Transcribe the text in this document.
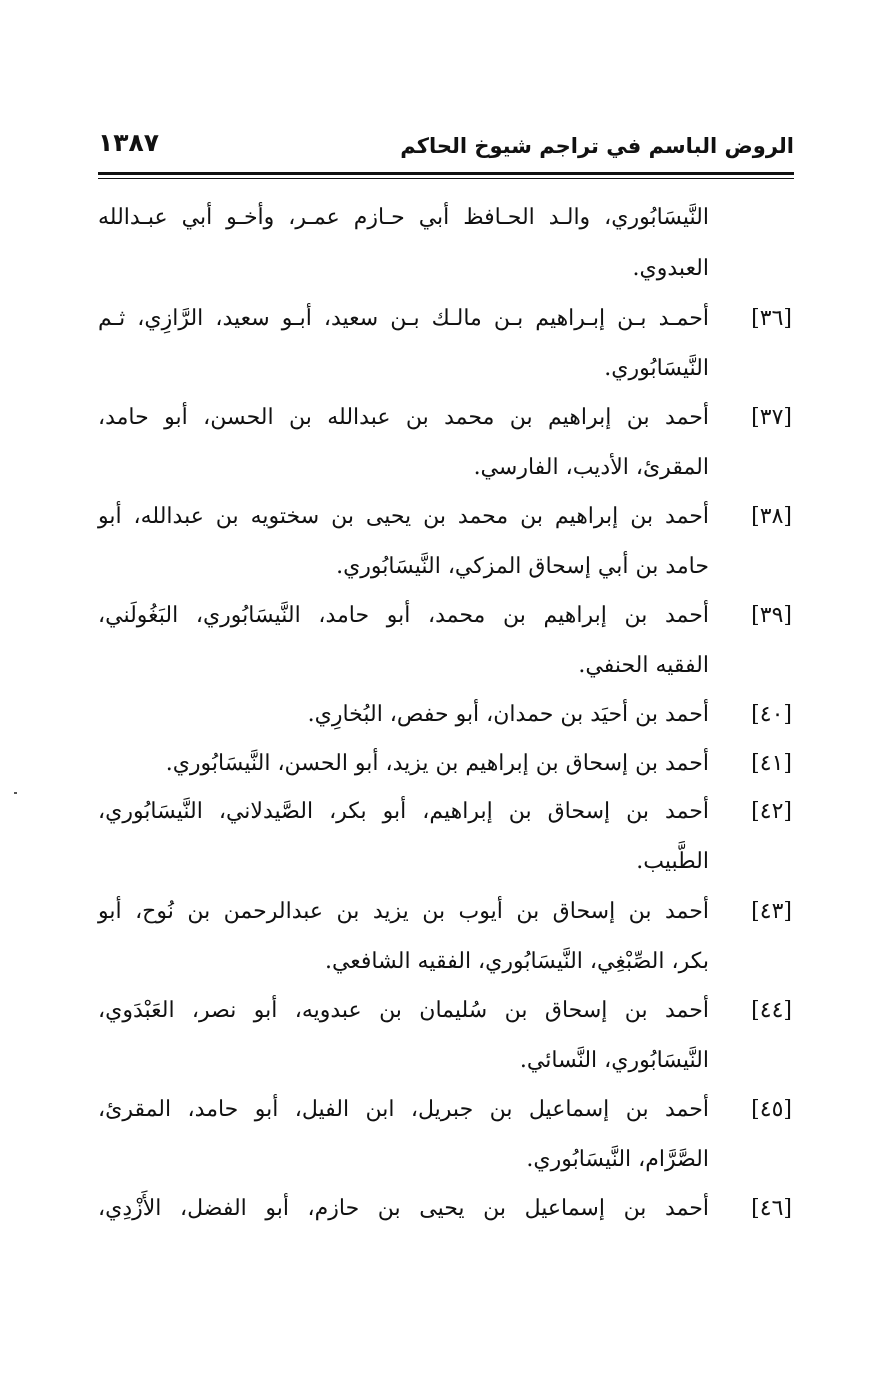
الروض الباسم في تراجم شيوخ الحاكم
١٣٨٧
النَّيسَابُوري، والـد الحـافظ أبي حـازم عمـر، وأخـو أبي عبـدالله
العبدوي.
[٣٦]
أحمـد بـن إبـراهيم بـن مالـك بـن سعيد، أبـو سعيد، الرَّازِي، ثـم
النَّيسَابُوري.
[٣٧]
أحمد بن إبراهيم بن محمد بن عبدالله بن الحسن، أبو حامد،
المقرئ، الأديب، الفارسي.
[٣٨]
أحمد بن إبراهيم بن محمد بن يحيى بن سختويه بن عبدالله، أبو
حامد بن أبي إسحاق المزكي، النَّيسَابُوري.
[٣٩]
أحمد بن إبراهيم بن محمد، أبو حامد، النَّيسَابُوري، البَغُولَني،
الفقيه الحنفي.
[٤٠]
أحمد بن أحيَد بن حمدان، أبو حفص، البُخارِي.
[٤١]
أحمد بن إسحاق بن إبراهيم بن يزيد، أبو الحسن، النَّيسَابُوري.
[٤٢]
أحمد بن إسحاق بن إبراهيم، أبو بكر، الصَّيدلاني، النَّيسَابُوري،
الطَّبيب.
[٤٣]
أحمد بن إسحاق بن أيوب بن يزيد بن عبدالرحمن بن نُوح، أبو
بكر، الصِّبْغِي، النَّيسَابُوري، الفقيه الشافعي.
[٤٤]
أحمد بن إسحاق بن سُليمان بن عبدويه، أبو نصر، العَبْدَوي،
النَّيسَابُوري، النَّسائي.
[٤٥]
أحمد بن إسماعيل بن جبريل، ابن الفيل، أبو حامد، المقرئ،
الصَّرَّام، النَّيسَابُوري.
[٤٦]
أحمد بن إسماعيل بن يحيى بن حازم، أبو الفضل، الأَزْدِي،
